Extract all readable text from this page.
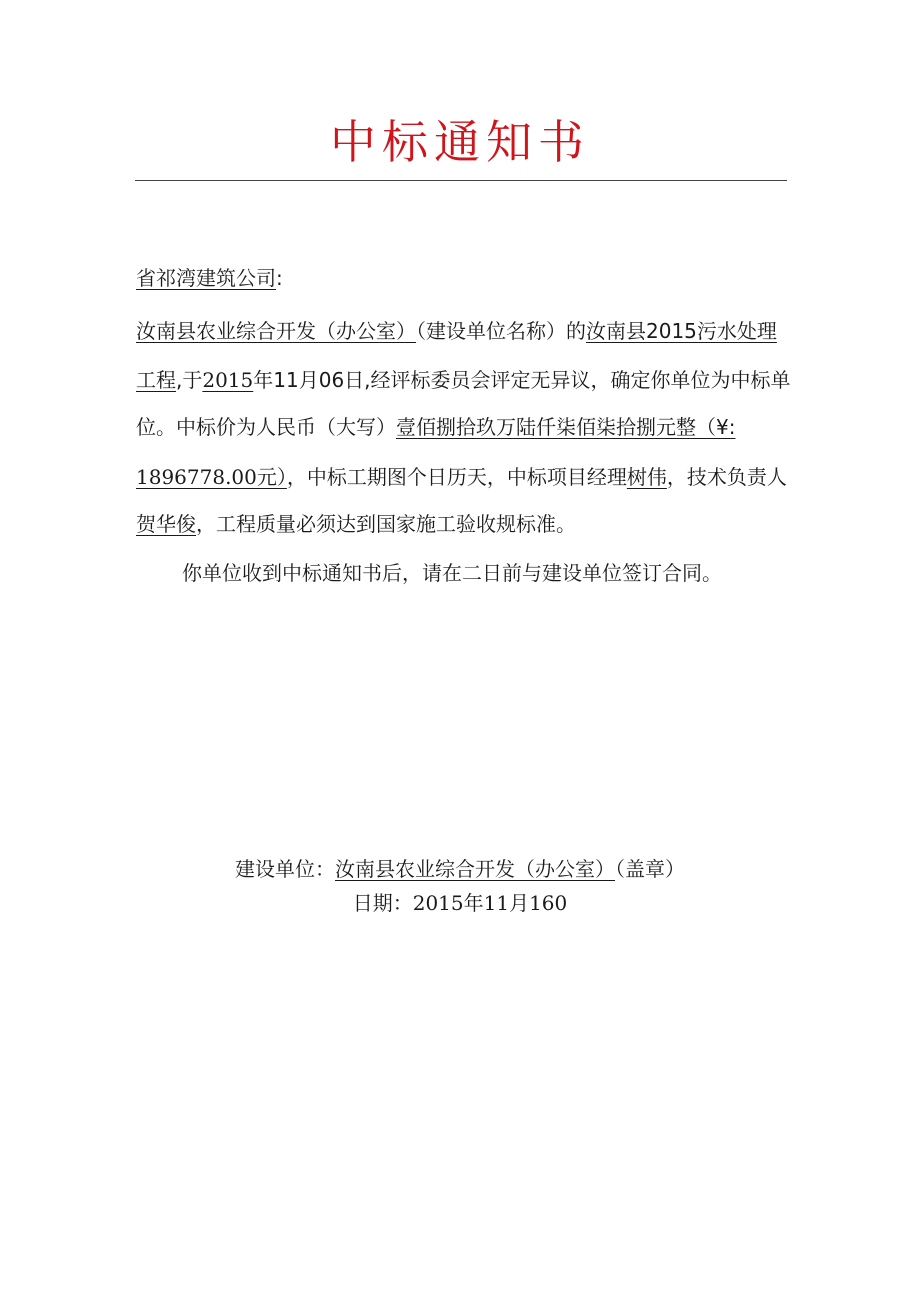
中标通知书
省祁湾建筑公司:
汝南县农业综合开发（办公室）（建设单位名称）的汝南县2015污水处理
工程,于2015年11月06日,经评标委员会评定无异议，确定你单位为中标单
位。中标价为人民币（大写）壹佰捌拾玖万陆仟柒佰柒拾捌元整（¥:
1896778.00元），中标工期图个日历天，中标项目经理树伟，技术负责人
贺华俊，工程质量必须达到国家施工验收规标准。
你单位收到中标通知书后，请在二日前与建设单位签订合同。
建设单位：汝南县农业综合开发（办公室）（盖章）
日期：2015年11月160
